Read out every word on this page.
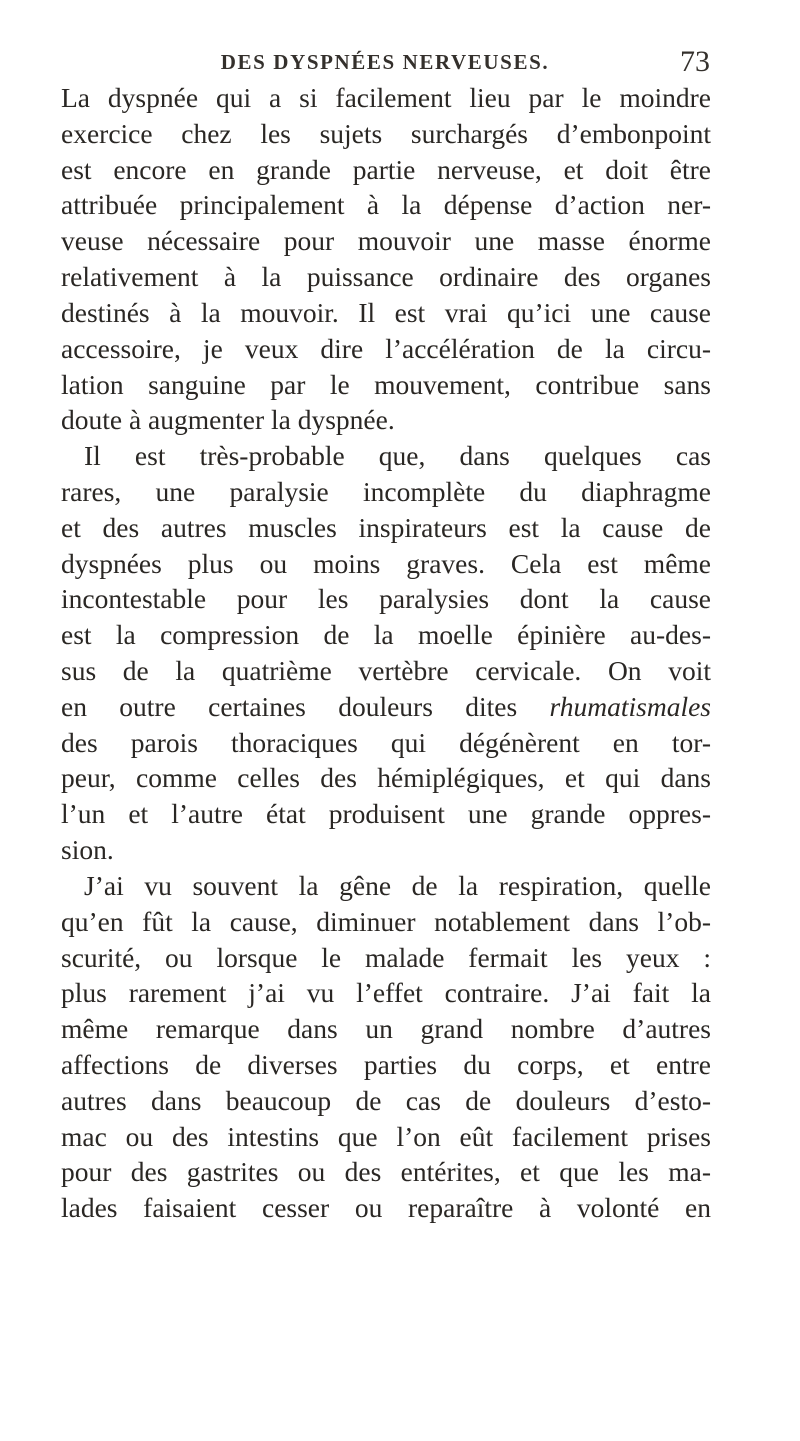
DES DYSPNÉES NERVEUSES.	73
La dyspnée qui a si facilement lieu par le moindre
exercice chez les sujets surchargés d’embonpoint
est encore en grande partie nerveuse, et doit être
attribuée principalement à la dépense d’action ner-
veuse nécessaire pour mouvoir une masse énorme
relativement à la puissance ordinaire des organes
destinés à la mouvoir. Il est vrai qu’ici une cause
accessoire, je veux dire l’accélération de la circu-
lation sanguine par le mouvement, contribue sans
doute à augmenter la dyspnée.
Il est très-probable que, dans quelques cas
rares, une paralysie incomplète du diaphragme
et des autres muscles inspirateurs est la cause de
dyspnées plus ou moins graves. Cela est même
incontestable pour les paralysies dont la cause
est la compression de la moelle épinière au-des-
sus de la quatrième vertèbre cervicale. On voit
en outre certaines douleurs dites rhumatismales
des parois thoraciques qui dégénèrent en tor-
peur, comme celles des hémiplégiques, et qui dans
l’un et l’autre état produisent une grande oppres-
sion.
J’ai vu souvent la gêne de la respiration, quelle
qu’en fût la cause, diminuer notablement dans l’ob-
scurité, ou lorsque le malade fermait les yeux :
plus rarement j’ai vu l’effet contraire. J’ai fait la
même remarque dans un grand nombre d’autres
affections de diverses parties du corps, et entre
autres dans beaucoup de cas de douleurs d’esto-
mac ou des intestins que l’on eût facilement prises
pour des gastrites ou des entérites, et que les ma-
lades faisaient cesser ou reparaître à volonté en
